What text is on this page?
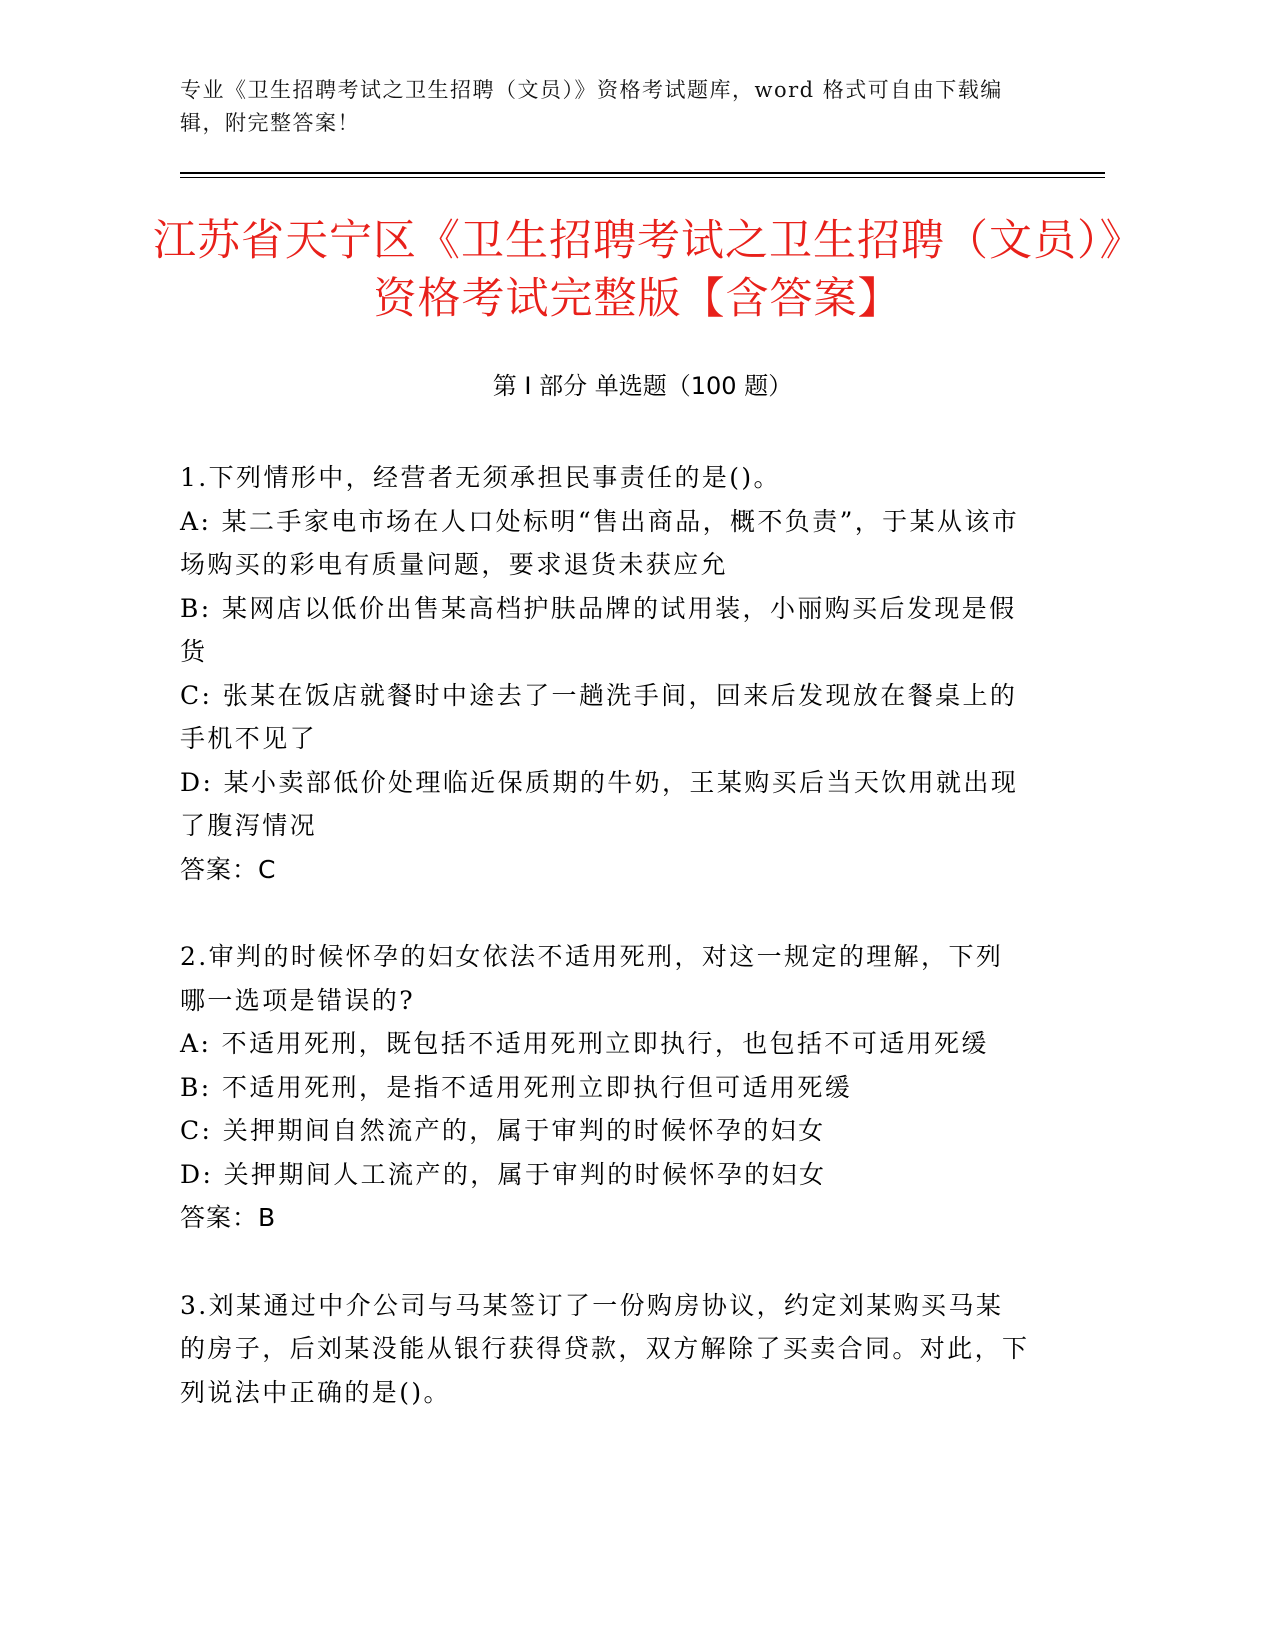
专业《卫生招聘考试之卫生招聘（文员）》资格考试题库，word 格式可自由下载编辑，附完整答案！
江苏省天宁区《卫生招聘考试之卫生招聘（文员）》资格考试完整版【含答案】
第 I 部分 单选题（100 题）

1.下列情形中，经营者无须承担民事责任的是()。

A: 某二手家电市场在人口处标明“售出商品，概不负责”，于某从该市场购买的彩电有质量问题，要求退货未获应允

B: 某网店以低价出售某高档护肤品牌的试用装，小丽购买后发现是假货

C: 张某在饭店就餐时中途去了一趟洗手间，回来后发现放在餐桌上的手机不见了

D: 某小卖部低价处理临近保质期的牛奶，王某购买后当天饮用就出现了腹泻情况

答案：C

2.审判的时候怀孕的妇女依法不适用死刑，对这一规定的理解，下列哪一选项是错误的?

A: 不适用死刑，既包括不适用死刑立即执行，也包括不可适用死缓

B: 不适用死刑，是指不适用死刑立即执行但可适用死缓

C: 关押期间自然流产的，属于审判的时候怀孕的妇女

D: 关押期间人工流产的，属于审判的时候怀孕的妇女

答案：B

3.刘某通过中介公司与马某签订了一份购房协议，约定刘某购买马某的房子，后刘某没能从银行获得贷款，双方解除了买卖合同。对此，下列说法中正确的是()。
